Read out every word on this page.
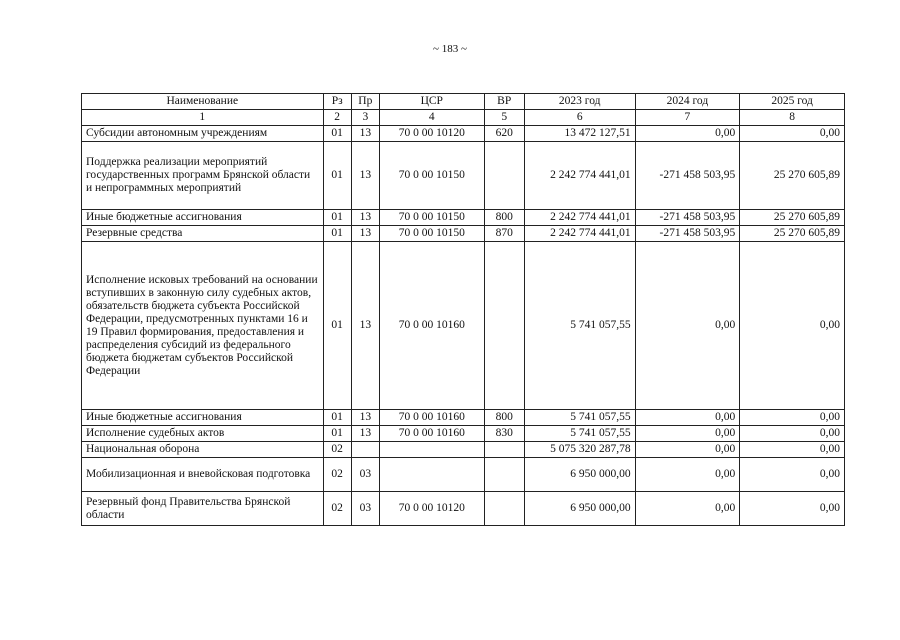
~ 183 ~
Наименование	Рз	Пр	ЦСР	ВР	2023 год	2024 год	2025 год
1	2	3	4	5	6	7	8
Субсидии автономным учреждениям	01	13	70 0 00 10120	620	13 472 127,51	0,00	0,00
Поддержка реализации мероприятий государственных программ Брянской области и непрограммных мероприятий	01	13	70 0 00 10150		2 242 774 441,01	-271 458 503,95	25 270 605,89
Иные бюджетные ассигнования	01	13	70 0 00 10150	800	2 242 774 441,01	-271 458 503,95	25 270 605,89
Резервные средства	01	13	70 0 00 10150	870	2 242 774 441,01	-271 458 503,95	25 270 605,89
Исполнение исковых требований на основании вступивших в законную силу судебных актов, обязательств бюджета субъекта Российской Федерации, предусмотренных пунктами 16 и 19 Правил формирования, предоставления и распределения субсидий из федерального бюджета бюджетам субъектов Российской Федерации	01	13	70 0 00 10160		5 741 057,55	0,00	0,00
Иные бюджетные ассигнования	01	13	70 0 00 10160	800	5 741 057,55	0,00	0,00
Исполнение судебных актов	01	13	70 0 00 10160	830	5 741 057,55	0,00	0,00
Национальная оборона	02				5 075 320 287,78	0,00	0,00
Мобилизационная и вневойсковая подготовка	02	03			6 950 000,00	0,00	0,00
Резервный фонд Правительства Брянской области	02	03	70 0 00 10120		6 950 000,00	0,00	0,00
